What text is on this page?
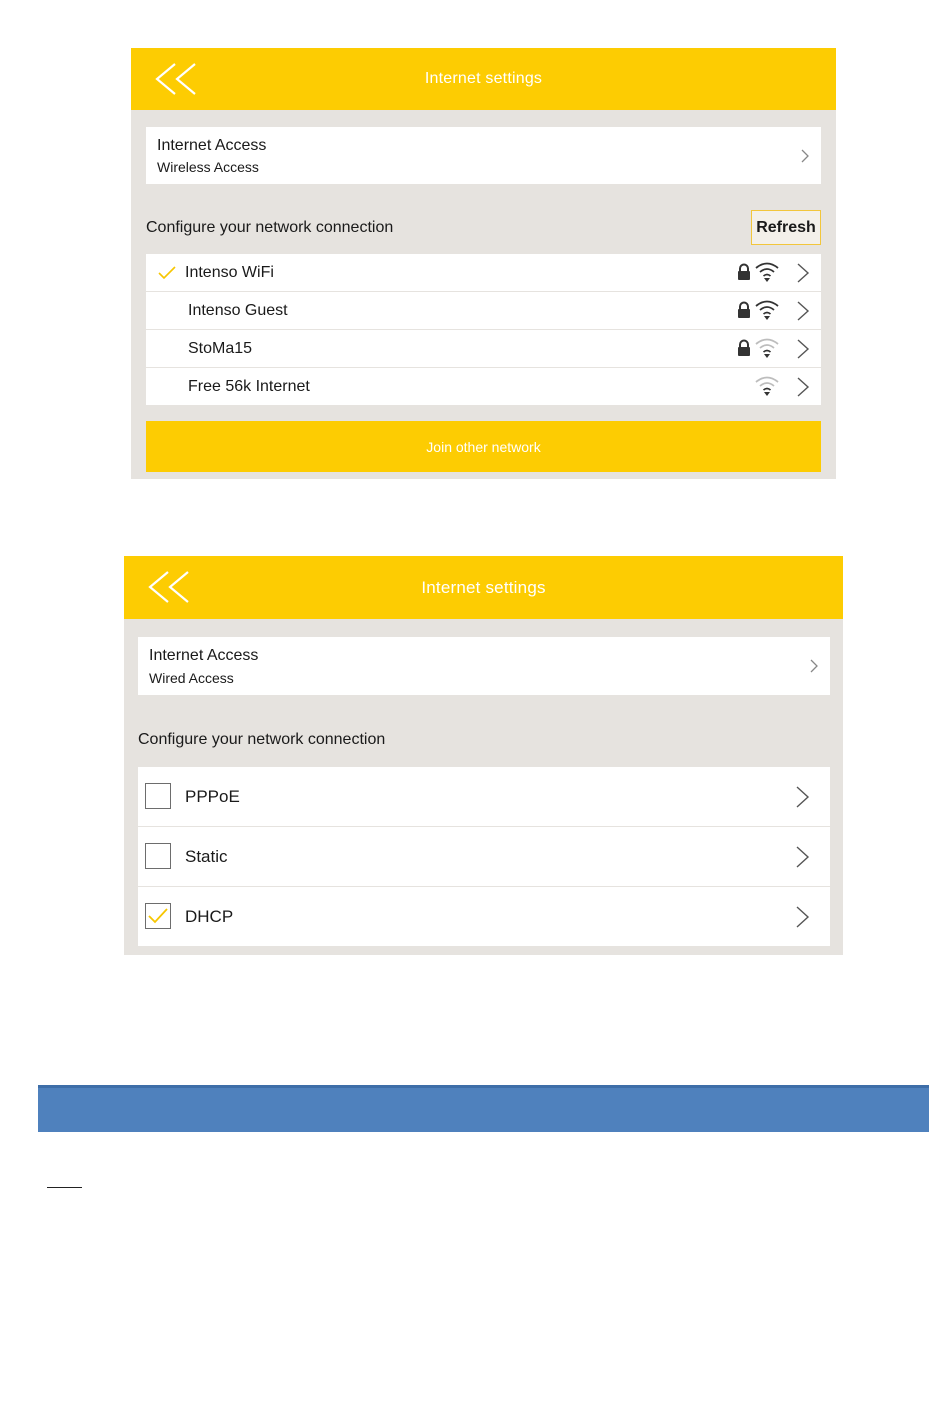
Internet settings
Internet Access
Wireless Access
Configure your network connection	Refresh
Intenso WiFi
Intenso Guest
StoMa15
Free 56k Internet
Join other network
Internet settings
Internet Access
Wired Access
Configure your network connection
PPPoE
Static
DHCP
